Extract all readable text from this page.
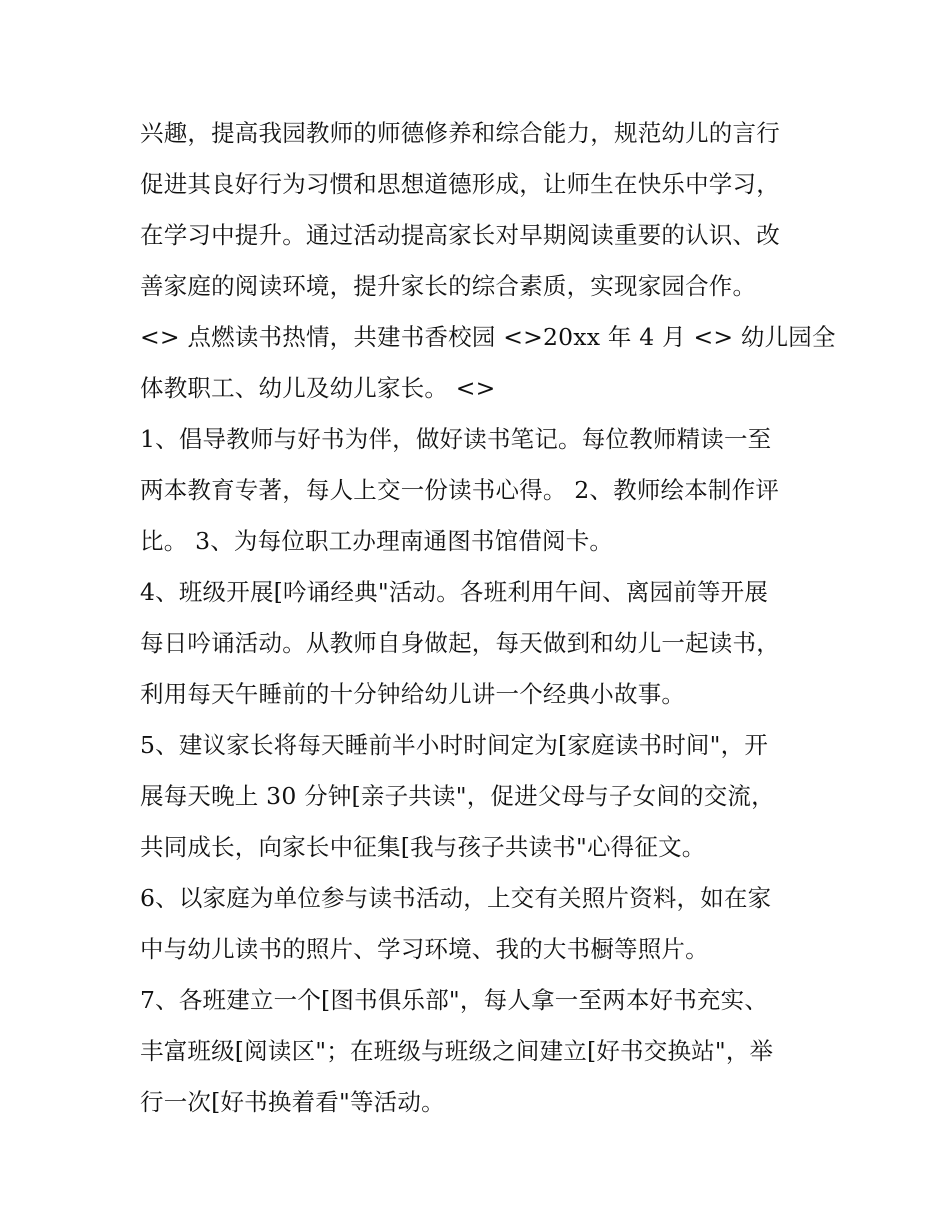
兴趣，提高我园教师的师德修养和综合能力，规范幼儿的言行
促进其良好行为习惯和思想道德形成，让师生在快乐中学习，
在学习中提升。通过活动提高家长对早期阅读重要的认识、改
善家庭的阅读环境，提升家长的综合素质，实现家园合作。
<> 点燃读书热情，共建书香校园 <>20xx 年 4 月 <> 幼儿园全
体教职工、幼儿及幼儿家长。 <>
1、倡导教师与好书为伴，做好读书笔记。每位教师精读一至
两本教育专著，每人上交一份读书心得。 2、教师绘本制作评
比。 3、为每位职工办理南通图书馆借阅卡。
4、班级开展[吟诵经典"活动。各班利用午间、离园前等开展
每日吟诵活动。从教师自身做起，每天做到和幼儿一起读书，
利用每天午睡前的十分钟给幼儿讲一个经典小故事。
5、建议家长将每天睡前半小时时间定为[家庭读书时间"，开
展每天晚上 30 分钟[亲子共读"，促进父母与子女间的交流，
共同成长，向家长中征集[我与孩子共读书"心得征文。
6、以家庭为单位参与读书活动，上交有关照片资料，如在家
中与幼儿读书的照片、学习环境、我的大书橱等照片。
7、各班建立一个[图书俱乐部"，每人拿一至两本好书充实、
丰富班级[阅读区"；在班级与班级之间建立[好书交换站"，举
行一次[好书换着看"等活动。
